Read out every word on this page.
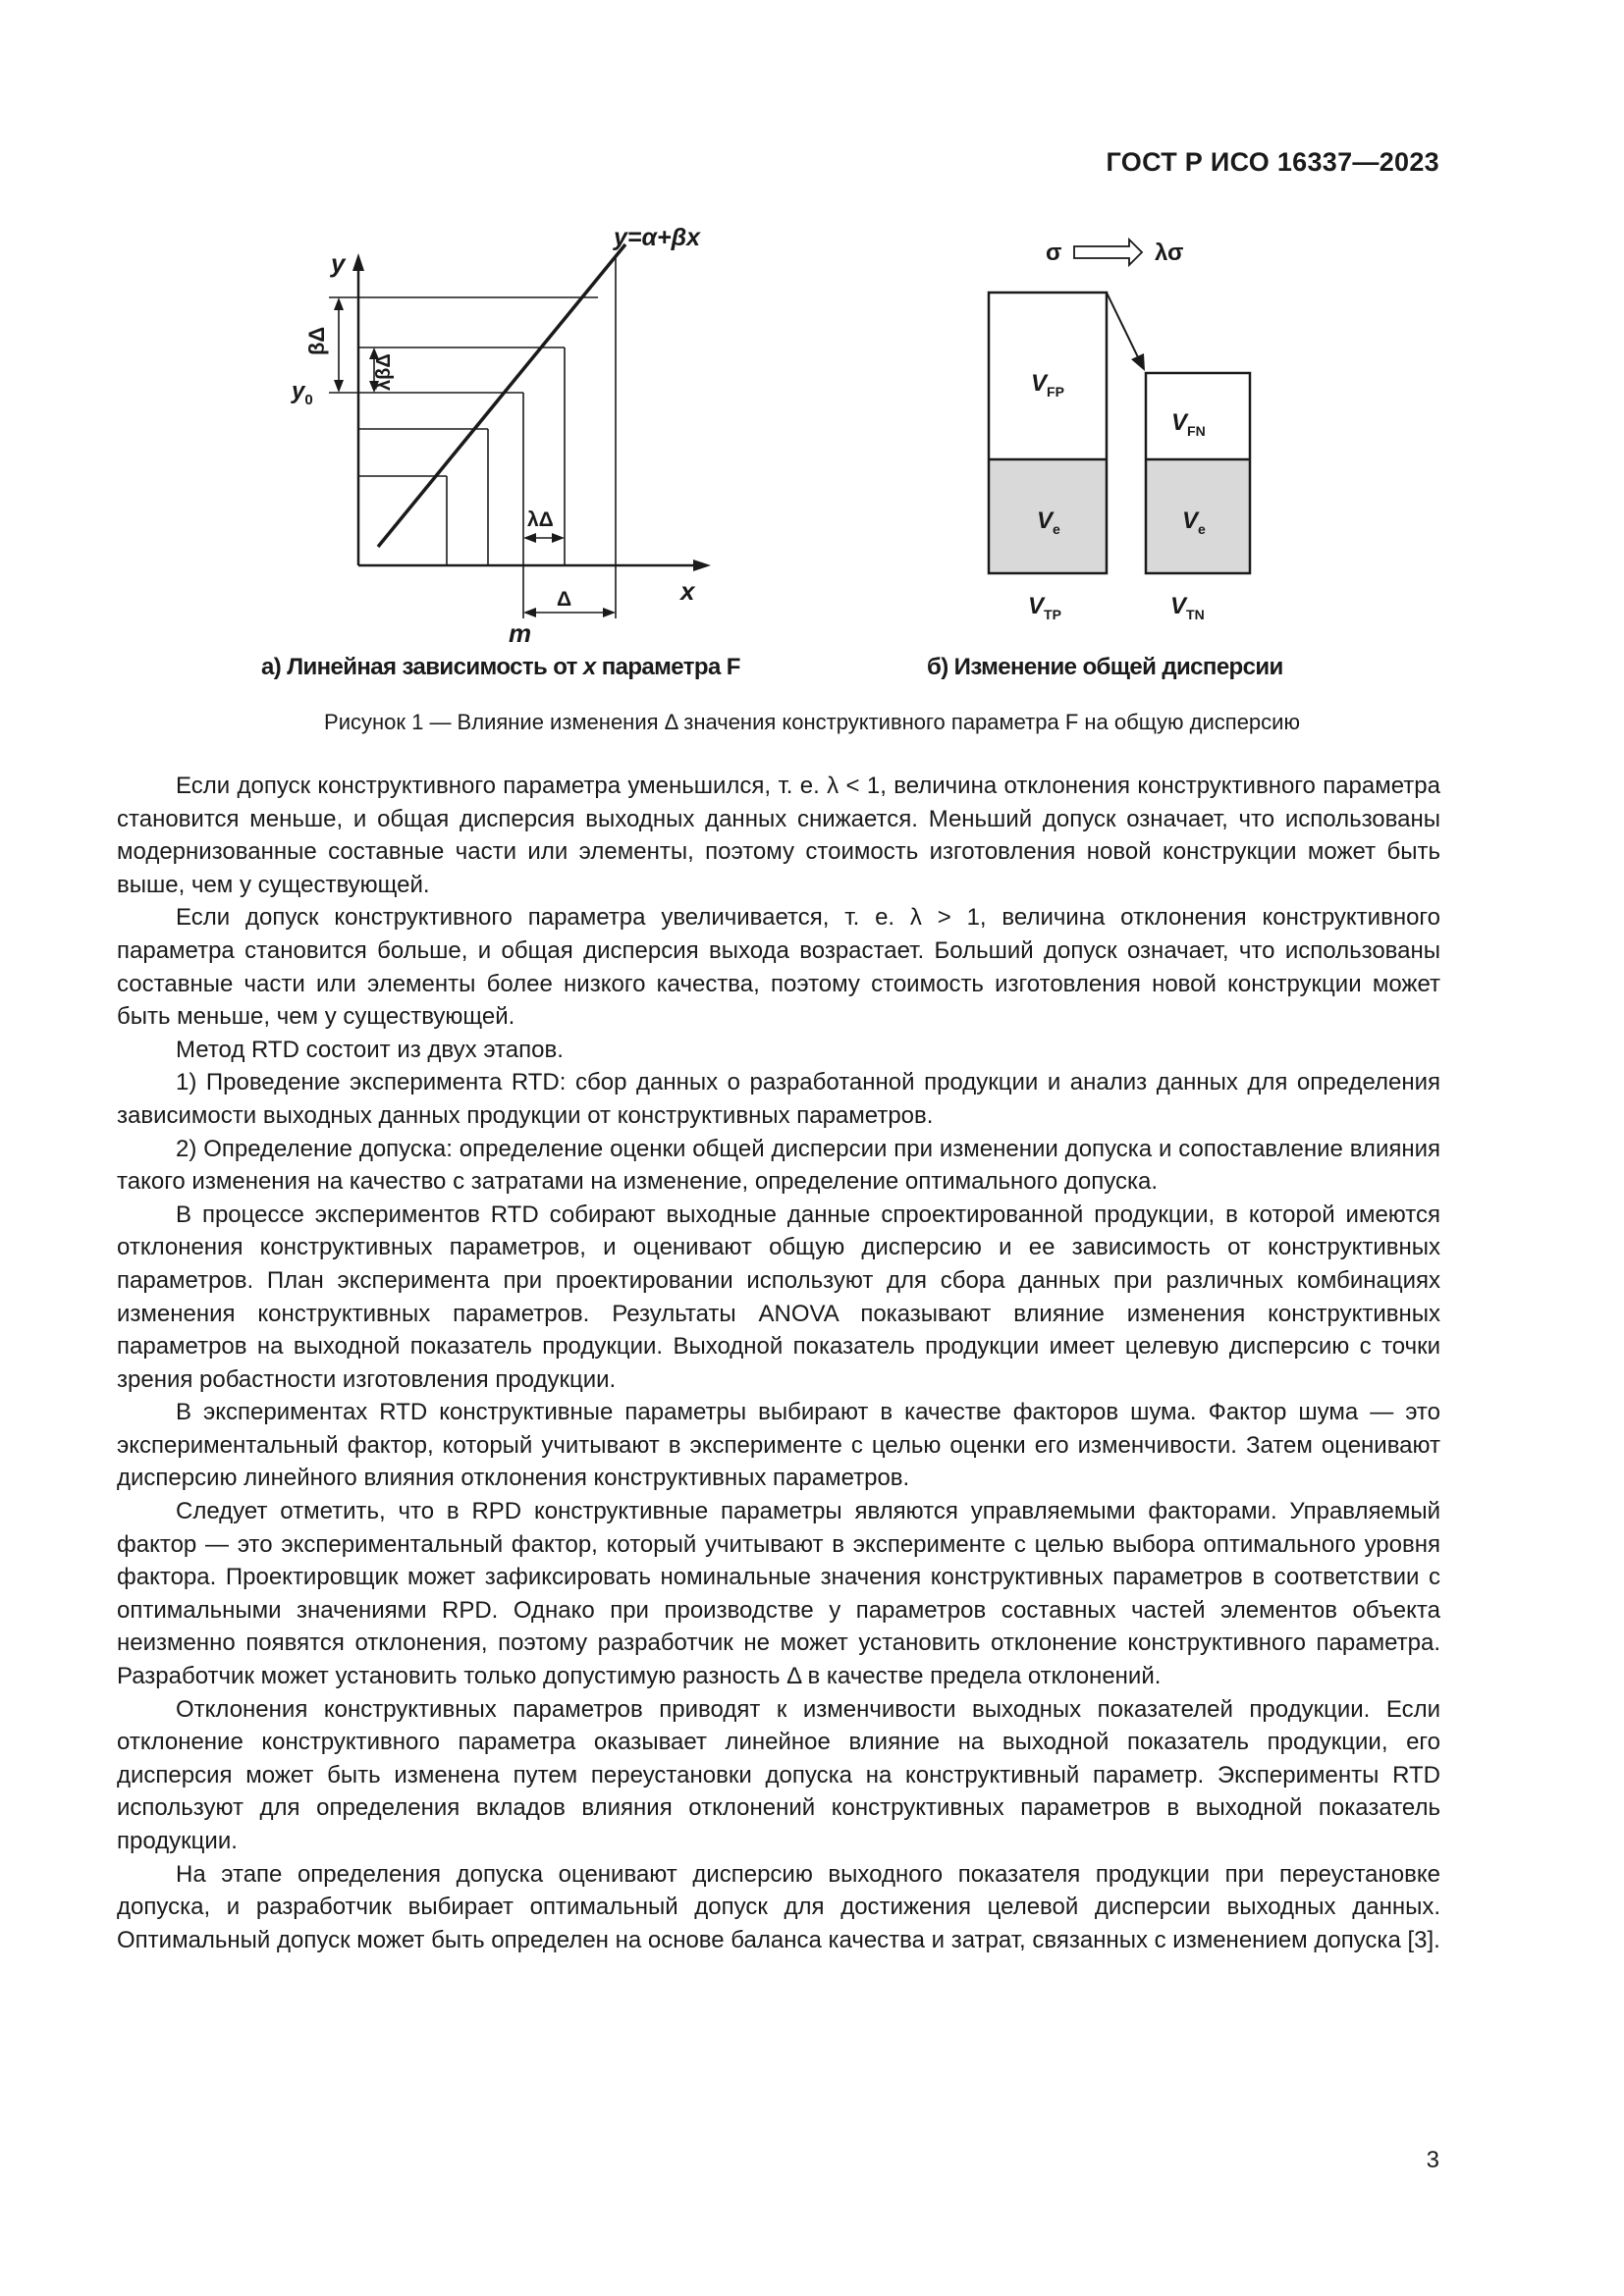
ГОСТ Р ИСО 16337—2023
y=α+βx
y
x
βΔ
λβΔ
$y_0$
λΔ
Δ
m
σ	λσ
$V_{FP}$
$V_{FN}$
$V_e$	$V_e$
$V_{TP}$	$V_{TN}$
а) Линейная зависимость от x параметра F	б) Изменение общей дисперсии
Рисунок 1 — Влияние изменения Δ значения конструктивного параметра F на общую дисперсию

Если допуск конструктивного параметра уменьшился, т. е. λ < 1, величина отклонения конструктивного параметра становится меньше, и общая дисперсия выходных данных снижается. Меньший допуск означает, что использованы модернизованные составные части или элементы, поэтому стоимость изготовления новой конструкции может быть выше, чем у существующей.

Если допуск конструктивного параметра увеличивается, т. е. λ > 1, величина отклонения конструктивного параметра становится больше, и общая дисперсия выхода возрастает. Больший допуск означает, что использованы составные части или элементы более низкого качества, поэтому стоимость изготовления новой конструкции может быть меньше, чем у существующей.

Метод RTD состоит из двух этапов.

1) Проведение эксперимента RTD: сбор данных о разработанной продукции и анализ данных для определения зависимости выходных данных продукции от конструктивных параметров.

2) Определение допуска: определение оценки общей дисперсии при изменении допуска и сопоставление влияния такого изменения на качество с затратами на изменение, определение оптимального допуска.

В процессе экспериментов RTD собирают выходные данные спроектированной продукции, в которой имеются отклонения конструктивных параметров, и оценивают общую дисперсию и ее зависимость от конструктивных параметров. План эксперимента при проектировании используют для сбора данных при различных комбинациях изменения конструктивных параметров. Результаты ANOVA показывают влияние изменения конструктивных параметров на выходной показатель продукции. Выходной показатель продукции имеет целевую дисперсию с точки зрения робастности изготовления продукции.

В экспериментах RTD конструктивные параметры выбирают в качестве факторов шума. Фактор шума — это экспериментальный фактор, который учитывают в эксперименте с целью оценки его изменчивости. Затем оценивают дисперсию линейного влияния отклонения конструктивных параметров.

Следует отметить, что в RPD конструктивные параметры являются управляемыми факторами. Управляемый фактор — это экспериментальный фактор, который учитывают в эксперименте с целью выбора оптимального уровня фактора. Проектировщик может зафиксировать номинальные значения конструктивных параметров в соответствии с оптимальными значениями RPD. Однако при производстве у параметров составных частей элементов объекта неизменно появятся отклонения, поэтому разработчик не может установить отклонение конструктивного параметра. Разработчик может установить только допустимую разность Δ в качестве предела отклонений.

Отклонения конструктивных параметров приводят к изменчивости выходных показателей продукции. Если отклонение конструктивного параметра оказывает линейное влияние на выходной показатель продукции, его дисперсия может быть изменена путем переустановки допуска на конструктивный параметр. Эксперименты RTD используют для определения вкладов влияния отклонений конструктивных параметров в выходной показатель продукции.

На этапе определения допуска оценивают дисперсию выходного показателя продукции при переустановке допуска, и разработчик выбирает оптимальный допуск для достижения целевой дисперсии выходных данных. Оптимальный допуск может быть определен на основе баланса качества и затрат, связанных с изменением допуска [3].

3
